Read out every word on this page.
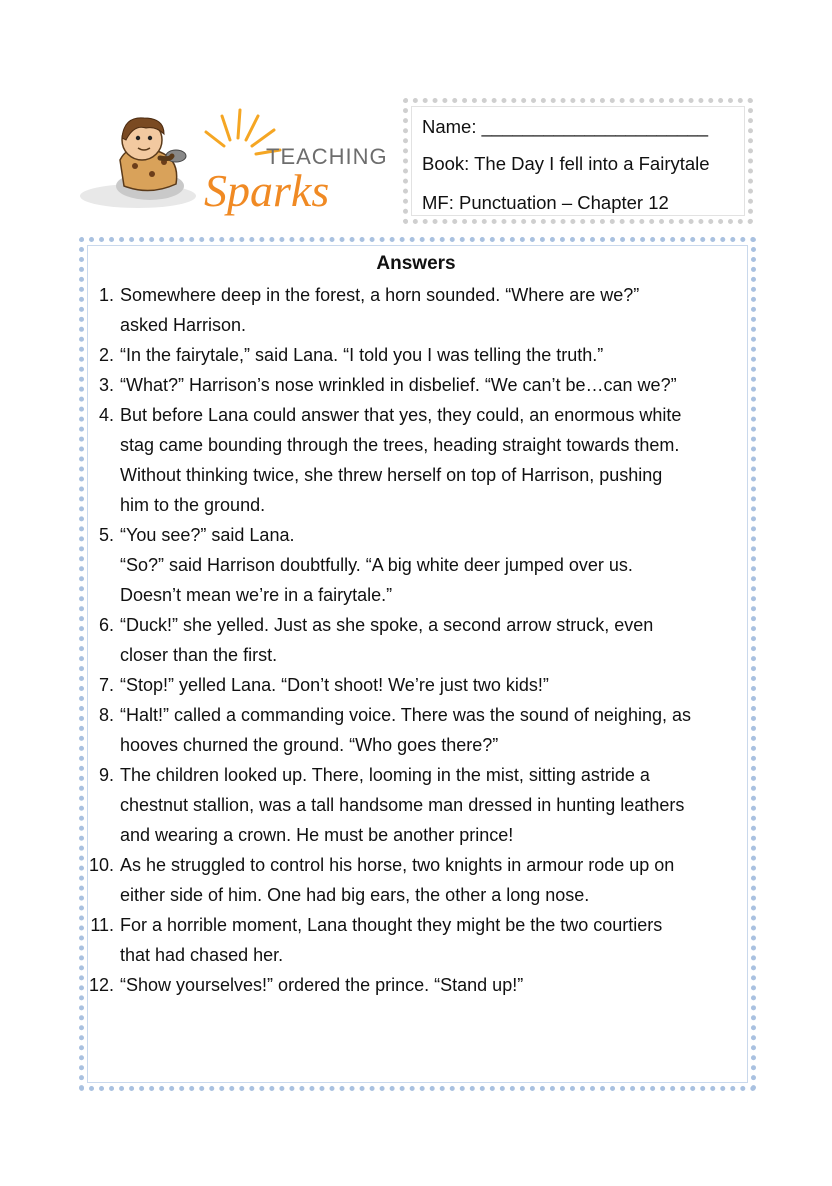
TEACHING
Sparks
Name: ______________________
Book: The Day I fell into a Fairytale
MF: Punctuation – Chapter 12
Answers
1. Somewhere deep in the forest, a horn sounded. “Where are we?”
asked Harrison.
2. “In the fairytale,” said Lana. “I told you I was telling the truth.”
3. “What?” Harrison’s nose wrinkled in disbelief. “We can’t be…can we?”
4. But before Lana could answer that yes, they could, an enormous white
stag came bounding through the trees, heading straight towards them.
Without thinking twice, she threw herself on top of Harrison, pushing
him to the ground.
5. “You see?” said Lana.
“So?” said Harrison doubtfully. “A big white deer jumped over us.
Doesn’t mean we’re in a fairytale.”
6. “Duck!” she yelled. Just as she spoke, a second arrow struck, even
closer than the first.
7. “Stop!” yelled Lana. “Don’t shoot! We’re just two kids!”
8. “Halt!” called a commanding voice. There was the sound of neighing, as
hooves churned the ground. “Who goes there?”
9. The children looked up. There, looming in the mist, sitting astride a
chestnut stallion, was a tall handsome man dressed in hunting leathers
and wearing a crown. He must be another prince!
10. As he struggled to control his horse, two knights in armour rode up on
either side of him. One had big ears, the other a long nose.
11. For a horrible moment, Lana thought they might be the two courtiers
that had chased her.
12. “Show yourselves!” ordered the prince. “Stand up!”
